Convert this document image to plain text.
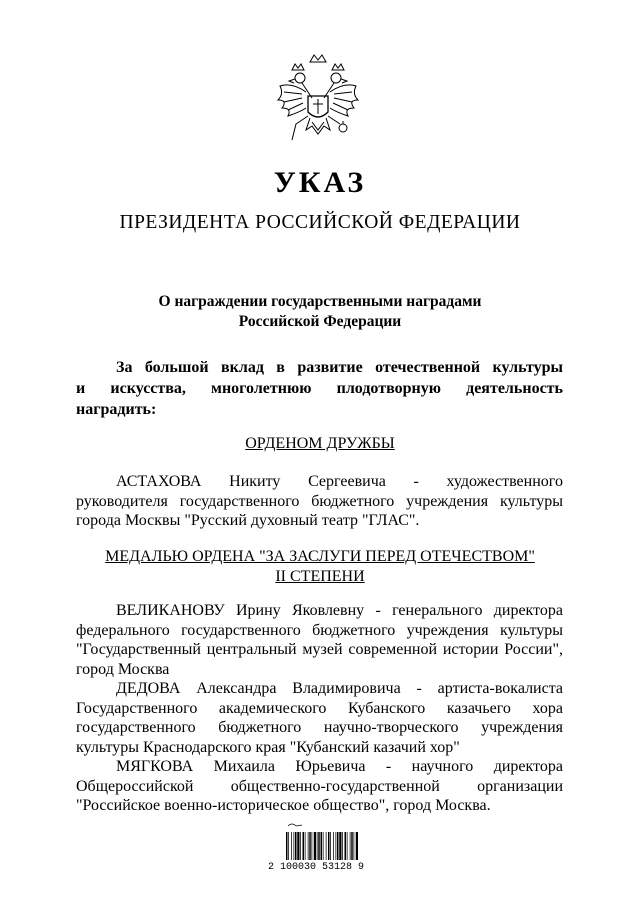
УКАЗ
ПРЕЗИДЕНТА РОССИЙСКОЙ ФЕДЕРАЦИИ
О награждении государственными наградами
Российской Федерации
За большой вклад в развитие отечественной культуры
и искусства, многолетнюю плодотворную деятельность
наградить:
ОРДЕНОМ ДРУЖБЫ
АСТАХОВА Никиту Сергеевича - художественного
руководителя государственного бюджетного учреждения культуры
города Москвы "Русский духовный театр "ГЛАС".
МЕДАЛЬЮ ОРДЕНА "ЗА ЗАСЛУГИ ПЕРЕД ОТЕЧЕСТВОМ"
II СТЕПЕНИ
ВЕЛИКАНОВУ Ирину Яковлевну - генерального директора
федерального государственного бюджетного учреждения культуры
"Государственный центральный музей современной истории России",
город Москва
ДЕДОВА Александра Владимировича - артиста-вокалиста
Государственного академического Кубанского казачьего хора
государственного бюджетного научно-творческого учреждения
культуры Краснодарского края "Кубанский казачий хор"
МЯГКОВА Михаила Юрьевича - научного директора
Общероссийской общественно-государственной организации
"Российское военно-историческое общество", город Москва.
2 100030 53128 9
